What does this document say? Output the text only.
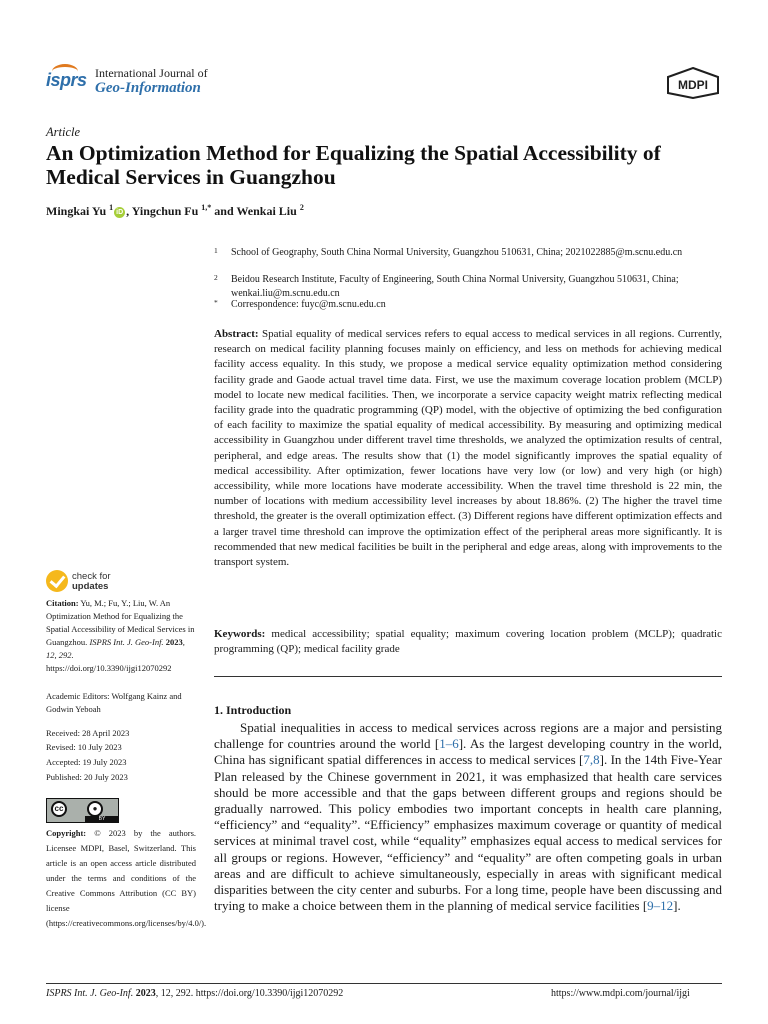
isprs International Journal of
Geo-Information	MDPI
Article
An Optimization Method for Equalizing the Spatial Accessibility of Medical Services in Guangzhou
Mingkai Yu $^1$iD , Yingchun Fu $^{1,*}$ and Wenkai Liu $^2$
1 School of Geography, South China Normal University, Guangzhou 510631, China; 2021022885@m.scnu.edu.cn
2 Beidou Research Institute, Faculty of Engineering, South China Normal University, Guangzhou 510631, China; wenkai.liu@m.scnu.edu.cn
* Correspondence: fuyc@m.scnu.edu.cn
Abstract: Spatial equality of medical services refers to equal access to medical services in all regions. Currently, research on medical facility planning focuses mainly on efficiency, and less on methods for achieving medical facility access equality. In this study, we propose a medical service equality optimization method considering facility grade and Gaode actual travel time data. First, we use the maximum coverage location problem (MCLP) model to locate new medical facilities. Then, we incorporate a service capacity weight matrix reflecting medical facility grade into the quadratic programming (QP) model, with the objective of optimizing the bed configuration of each facility to maximize the spatial equality of medical accessibility. By measuring and optimizing medical accessibility in Guangzhou under different travel time thresholds, we analyzed the optimization results of central, peripheral, and edge areas. The results show that (1) the model significantly improves the spatial equality of medical accessibility. After optimization, fewer locations have very low (or low) and very high (or high) accessibility, while more locations have moderate accessibility. When the travel time threshold is 22 min, the number of locations with medium accessibility level increases by about 18.86%. (2) The higher the travel time threshold, the greater is the overall optimization effect. (3) Different regions have different optimization effects and a larger travel time threshold can improve the optimization effect of the peripheral areas more significantly. It is recommended that new medical facilities be built in the peripheral and edge areas, along with improvements to the transport system.
Keywords: medical accessibility; spatial equality; maximum covering location problem (MCLP); quadratic programming (QP); medical facility grade
1. Introduction
Spatial inequalities in access to medical services across regions are a major and persisting challenge for countries around the world [1–6]. As the largest developing country in the world, China has significant spatial differences in access to medical services [7,8]. In the 14th Five-Year Plan released by the Chinese government in 2021, it was emphasized that health care services should be more accessible and that the gaps between different groups and regions should be gradually narrowed. This policy embodies two important concepts in health care planning, “efficiency” and “equality”. “Efficiency” emphasizes maximum coverage or quantity of medical services at minimal travel cost, while “equality” emphasizes equal access to medical services for all groups or regions. However, “efficiency” and “equality” are often competing goals in urban areas and are difficult to achieve simultaneously, especially in areas with significant medical disparities between the city center and suburbs. For a long time, people have been discussing and trying to make a choice between them in the planning of medical service facilities [9–12].
check for
updates
Citation: Yu, M.; Fu, Y.; Liu, W. An Optimization Method for Equalizing the Spatial Accessibility of Medical Services in Guangzhou. ISPRS Int. J. Geo-Inf. 2023, 12, 292. https://doi.org/10.3390/ijgi12070292
Academic Editors: Wolfgang Kainz and Godwin Yeboah
Received: 28 April 2023
Revised: 10 July 2023
Accepted: 19 July 2023
Published: 20 July 2023
cc	●
BY
Copyright: © 2023 by the authors. Licensee MDPI, Basel, Switzerland. This article is an open access article distributed under the terms and conditions of the Creative Commons Attribution (CC BY) license (https://creativecommons.org/licenses/by/4.0/).
ISPRS Int. J. Geo-Inf. 2023, 12, 292. https://doi.org/10.3390/ijgi12070292	https://www.mdpi.com/journal/ijgi
